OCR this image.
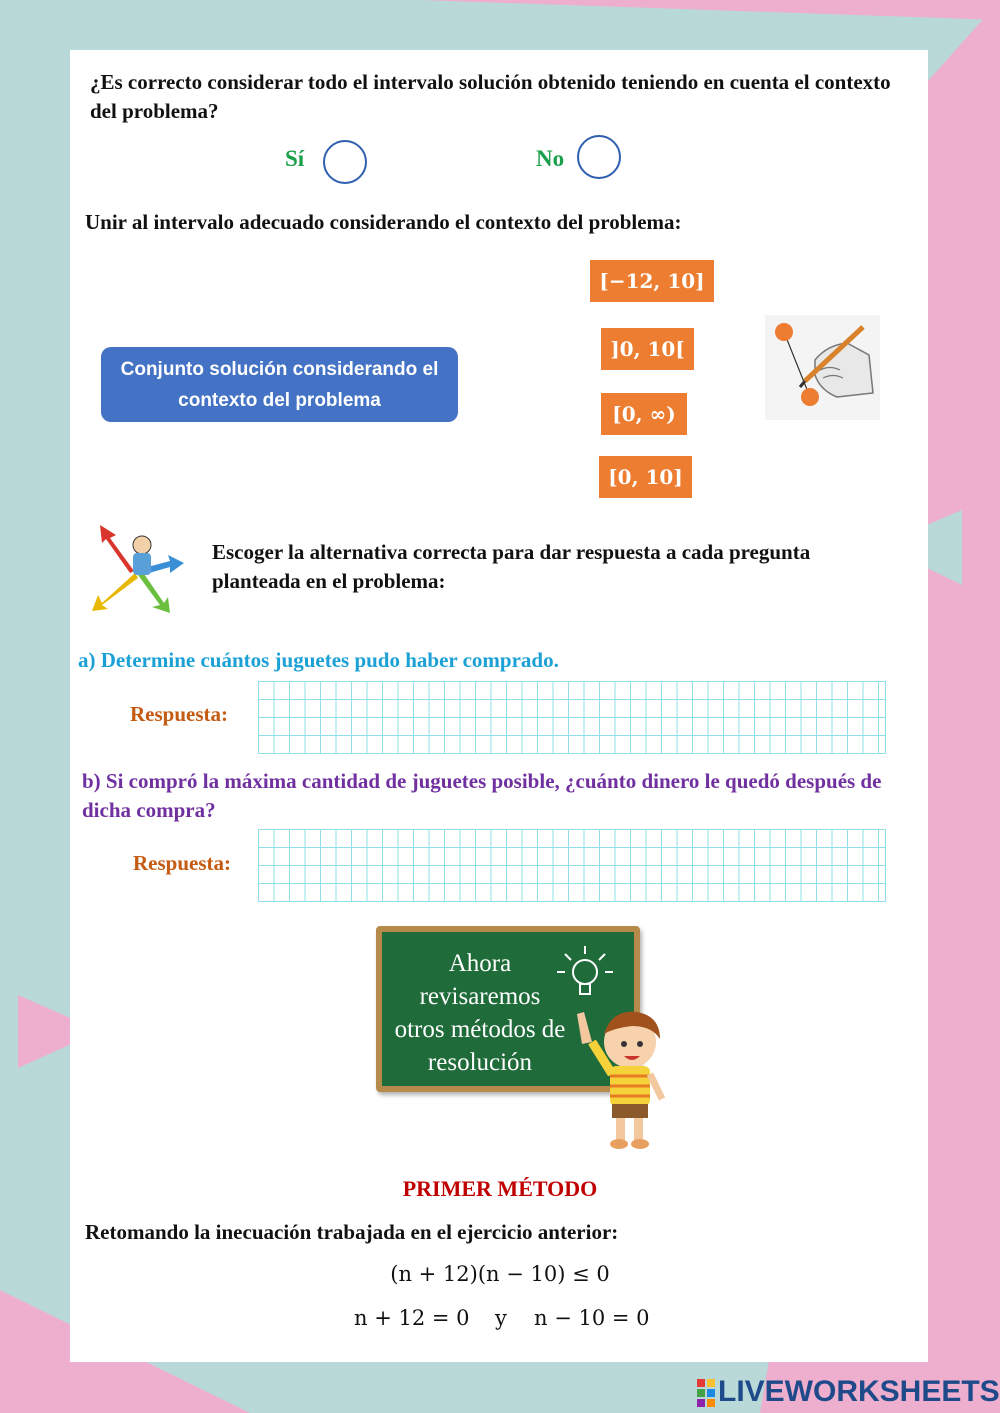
¿Es correcto considerar todo el intervalo solución obtenido teniendo en cuenta el contexto del problema?
Sí	No
Unir al intervalo adecuado considerando el contexto del problema:
Conjunto solución considerando el contexto del problema
[−12, 10]
]0, 10[
[0, ∞)
[0, 10]
Escoger la alternativa correcta para dar respuesta a cada pregunta planteada en el problema:
a) Determine cuántos juguetes pudo haber comprado.
Respuesta:
b) Si compró la máxima cantidad de juguetes posible, ¿cuánto dinero le quedó después de dicha compra?
Respuesta:
Ahora
revisaremos
otros métodos de
resolución
PRIMER MÉTODO
Retomando la inecuación trabajada en el ejercicio anterior:
(n + 12)(n − 10) ≤ 0
n + 12 = 0 y n − 10 = 0
LIVEWORKSHEETS
